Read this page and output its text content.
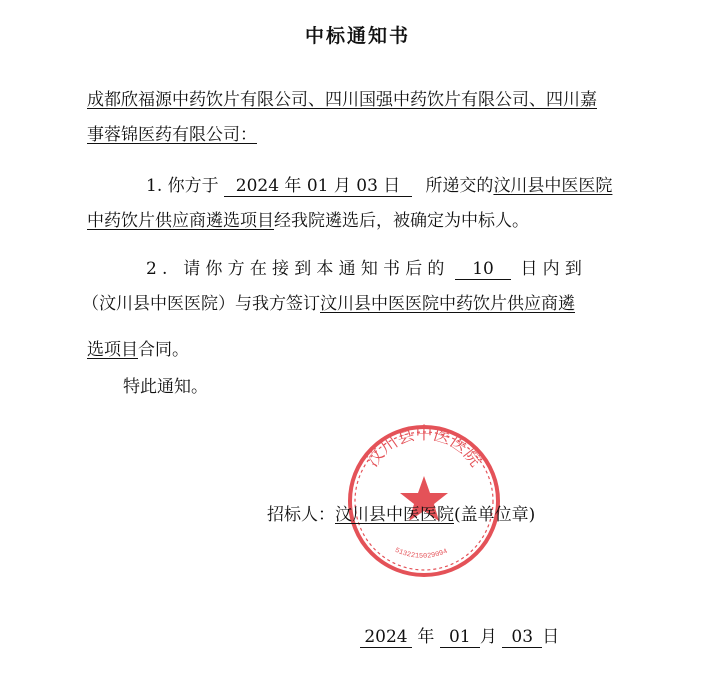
中标通知书
成都欣福源中药饮片有限公司、四川国强中药饮片有限公司、四川嘉
事蓉锦医药有限公司：
1. 你方于 2024 年 01 月 03 日 所递交的汶川县中医医院
中药饮片供应商遴选项目经我院遴选后，被确定为中标人。
2. 请你方在接到本通知书后的 10 日内到
（汶川县中医医院）与我方签订汶川县中医医院中药饮片供应商遴
选项目合同。
特此通知。
汶川县中医医院
5132215029094
招标人：汶川县中医医院(盖单位章)
2024 年 01 月 03 日
